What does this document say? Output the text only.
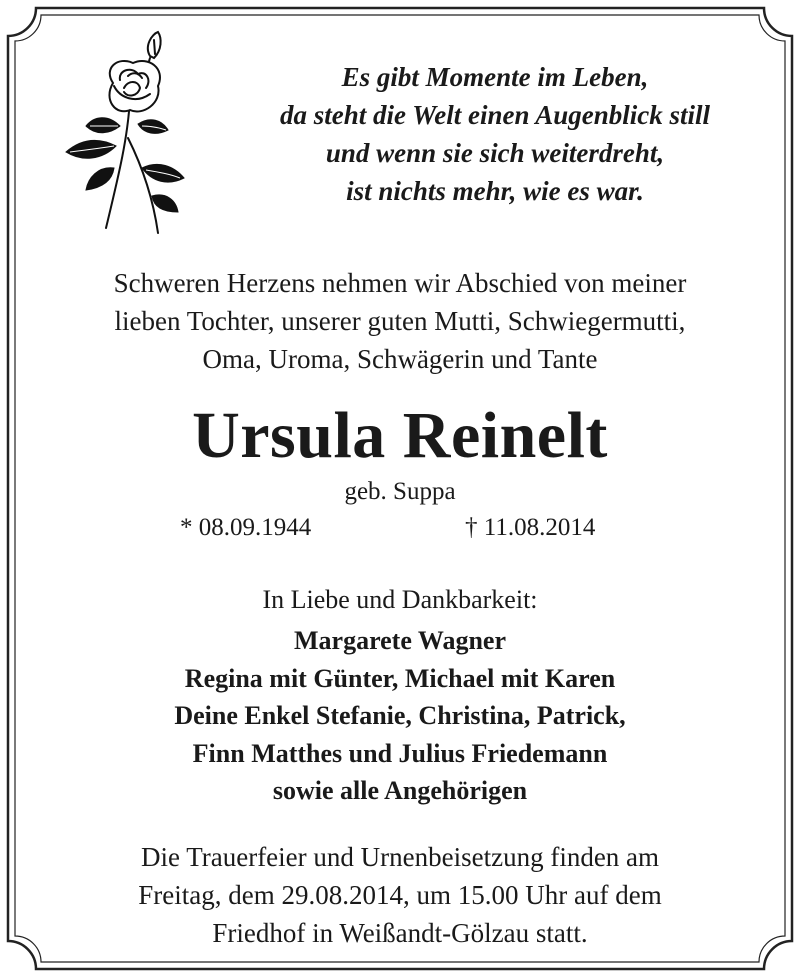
Es gibt Momente im Leben,
da steht die Welt einen Augenblick still
und wenn sie sich weiterdreht,
ist nichts mehr, wie es war.
Schweren Herzens nehmen wir Abschied von meiner
lieben Tochter, unserer guten Mutti, Schwiegermutti,
Oma, Uroma, Schwägerin und Tante
Ursula Reinelt
geb. Suppa
* 08.09.1944	† 11.08.2014
In Liebe und Dankbarkeit:
Margarete Wagner
Regina mit Günter, Michael mit Karen
Deine Enkel Stefanie, Christina, Patrick,
Finn Matthes und Julius Friedemann
sowie alle Angehörigen
Die Trauerfeier und Urnenbeisetzung finden am
Freitag, dem 29.08.2014, um 15.00 Uhr auf dem
Friedhof in Weißandt-Gölzau statt.
